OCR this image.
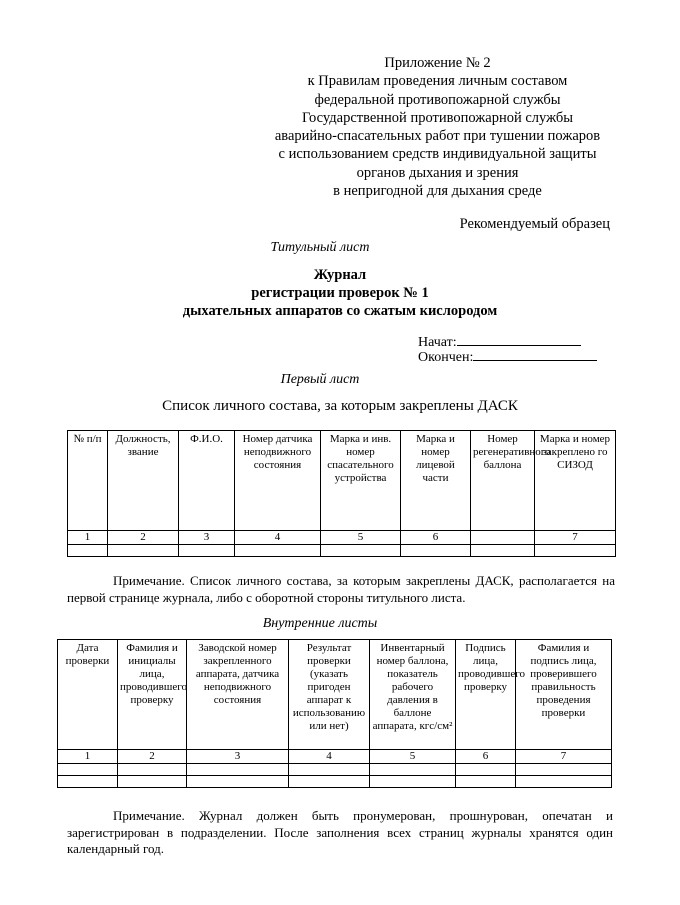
Приложение № 2
к Правилам проведения личным составом
федеральной противопожарной службы
Государственной противопожарной службы
аварийно-спасательных работ при тушении пожаров
с использованием средств индивидуальной защиты
органов дыхания и зрения
в непригодной для дыхания среде
Рекомендуемый образец
Титульный лист
Журнал
регистрации проверок № 1
дыхательных аппаратов со сжатым кислородом
Начат:
Окончен:
Первый лист
Список личного состава, за которым закреплены ДАСК
№ п/п	Должность, звание	Ф.И.О.	Номер датчика неподвижного состояния	Марка и инв. номер спасательного устройства	Марка и номер лицевой части	Номер регенеративного баллона	Марка и номер закреплено го СИЗОД
1	2	3	4	5	6		7

Примечание. Список личного состава, за которым закреплены ДАСК, располагается на первой странице журнала, либо с оборотной стороны титульного листа.
Внутренние листы
Дата проверки	Фамилия и инициалы лица, проводившего проверку	Заводской номер закрепленного аппарата, датчика неподвижного состояния	Результат проверки (указать пригоден аппарат к использованию или нет)	Инвентарный номер баллона, показатель рабочего давления в баллоне аппарата, кгс/см²	Подпись лица, проводившего проверку	Фамилия и подпись лица, проверившего правильность проведения проверки
1	2	3	4	5	6	7

Примечание. Журнал должен быть пронумерован, прошнурован, опечатан и зарегистрирован в подразделении. После заполнения всех страниц журналы хранятся один календарный год.
